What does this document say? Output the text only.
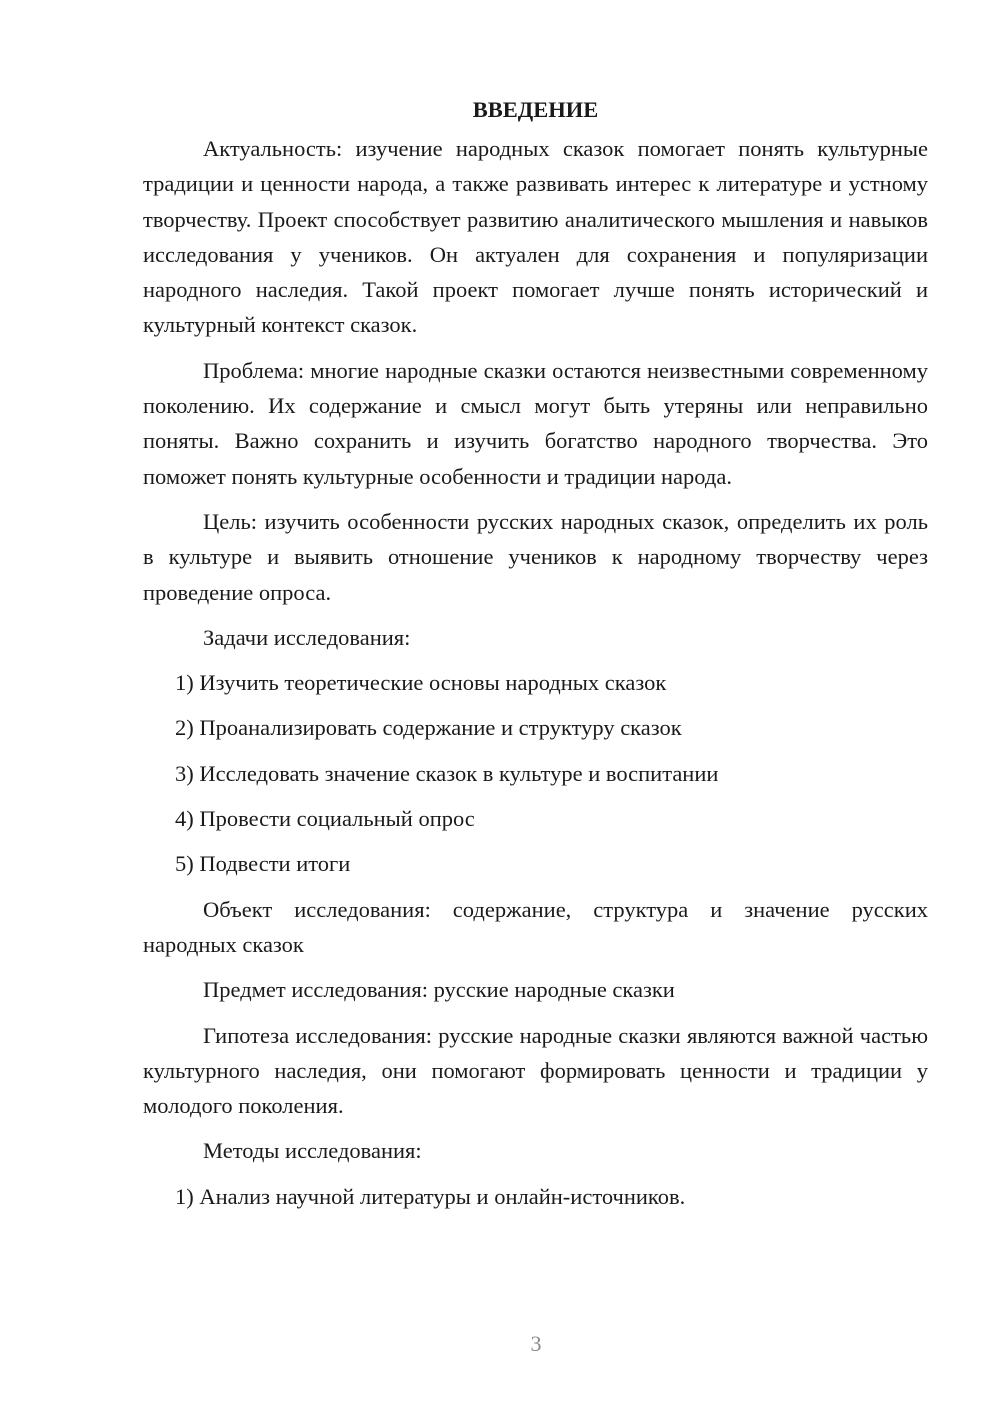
ВВЕДЕНИЕ

Актуальность: изучение народных сказок помогает понять культурные традиции и ценности народа, а также развивать интерес к литературе и устному творчеству. Проект способствует развитию аналитического мышления и навыков исследования у учеников. Он актуален для сохранения и популяризации народного наследия. Такой проект помогает лучше понять исторический и культурный контекст сказок.

Проблема: многие народные сказки остаются неизвестными современному поколению. Их содержание и смысл могут быть утеряны или неправильно поняты. Важно сохранить и изучить богатство народного творчества. Это поможет понять культурные особенности и традиции народа.

Цель: изучить особенности русских народных сказок, определить их роль в культуре и выявить отношение учеников к народному творчеству через проведение опроса.

Задачи исследования:
1) Изучить теоретические основы народных сказок
2) Проанализировать содержание и структуру сказок
3) Исследовать значение сказок в культуре и воспитании
4) Провести социальный опрос
5) Подвести итоги

Объект исследования: содержание, структура и значение русских народных сказок

Предмет исследования: русские народные сказки

Гипотеза исследования: русские народные сказки являются важной частью культурного наследия, они помогают формировать ценности и традиции у молодого поколения.

Методы исследования:
1) Анализ научной литературы и онлайн-источников.
3
